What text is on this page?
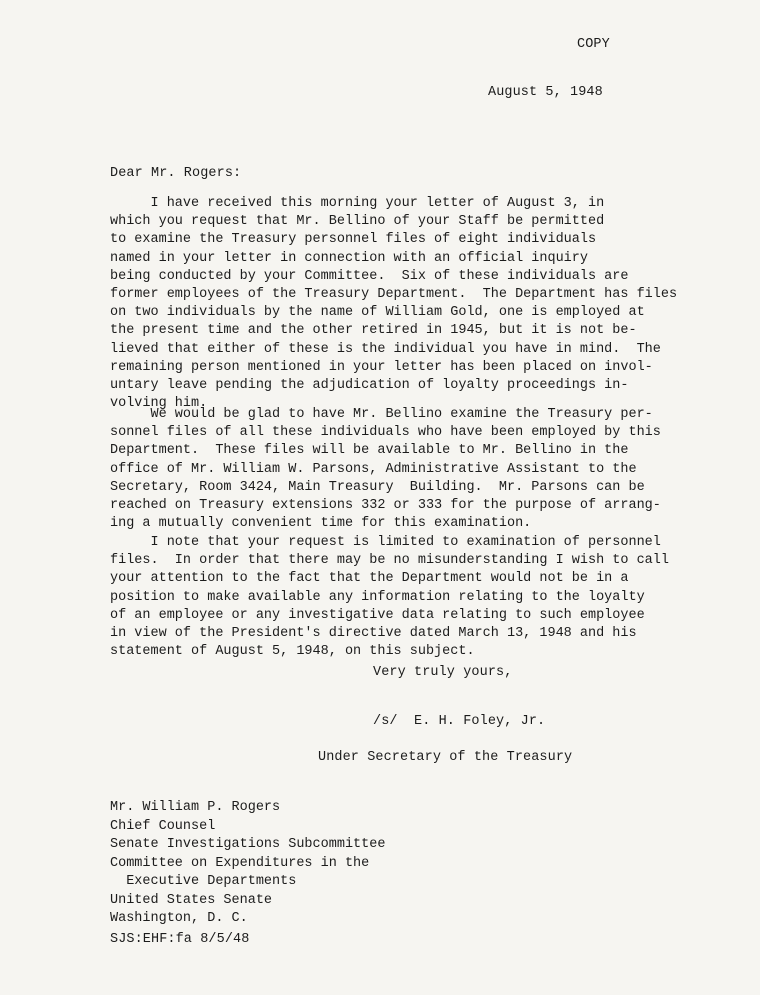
COPY
August 5, 1948
Dear Mr. Rogers:
I have received this morning your letter of August 3, in
which you request that Mr. Bellino of your Staff be permitted
to examine the Treasury personnel files of eight individuals
named in your letter in connection with an official inquiry
being conducted by your Committee.  Six of these individuals are
former employees of the Treasury Department.  The Department has files
on two individuals by the name of William Gold, one is employed at
the present time and the other retired in 1945, but it is not be-
lieved that either of these is the individual you have in mind.  The
remaining person mentioned in your letter has been placed on invol-
untary leave pending the adjudication of loyalty proceedings in-
volving him.
We would be glad to have Mr. Bellino examine the Treasury per-
sonnel files of all these individuals who have been employed by this
Department.  These files will be available to Mr. Bellino in the
office of Mr. William W. Parsons, Administrative Assistant to the
Secretary, Room 3424, Main Treasury  Building.  Mr. Parsons can be
reached on Treasury extensions 332 or 333 for the purpose of arrang-
ing a mutually convenient time for this examination.
I note that your request is limited to examination of personnel
files.  In order that there may be no misunderstanding I wish to call
your attention to the fact that the Department would not be in a
position to make available any information relating to the loyalty
of an employee or any investigative data relating to such employee
in view of the President's directive dated March 13, 1948 and his
statement of August 5, 1948, on this subject.
Very truly yours,
/s/  E. H. Foley, Jr.
Under Secretary of the Treasury
Mr. William P. Rogers
Chief Counsel
Senate Investigations Subcommittee
Committee on Expenditures in the
Executive Departments
United States Senate
Washington, D. C.
SJS:EHF:fa 8/5/48
